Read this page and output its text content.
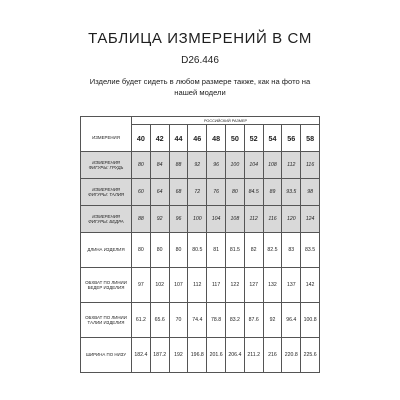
ТАБЛИЦА ИЗМЕРЕНИЙ В СМ
D26.446
Изделие будет сидеть в любом размере также, как на фото на
нашей модели
	РОССИЙСКИЙ РАЗМЕР									
ИЗМЕРЕНИЯ	40	42	44	46	48	50	52	54	56	58
ИЗМЕРЕНИЯ ФИГУРЫ: ГРУДЬ	80	84	88	92	96	100	104	108	112	116
ИЗМЕРЕНИЯ ФИГУРЫ: ТАЛИЯ	60	64	68	72	76	80	84.5	89	93.5	98
ИЗМЕРЕНИЯ ФИГУРЫ: БЕДРА	88	92	96	100	104	108	112	116	120	124
ДЛИНА ИЗДЕЛИЯ	80	80	80	80.5	81	81.5	82	82.5	83	83.5
ОБХВАТ ПО ЛИНИИ БЕДЕР ИЗДЕЛИЯ	97	102	107	112	117	122	127	132	137	142
ОБХВАТ ПО ЛИНИИ ТАЛИИ ИЗДЕЛИЯ	61.2	65.6	70	74.4	78.8	83.2	87.6	92	96.4	100.8
ШИРИНА ПО НИЗУ	182.4	187.2	192	196.8	201.6	206.4	211.2	216	220.8	225.6
